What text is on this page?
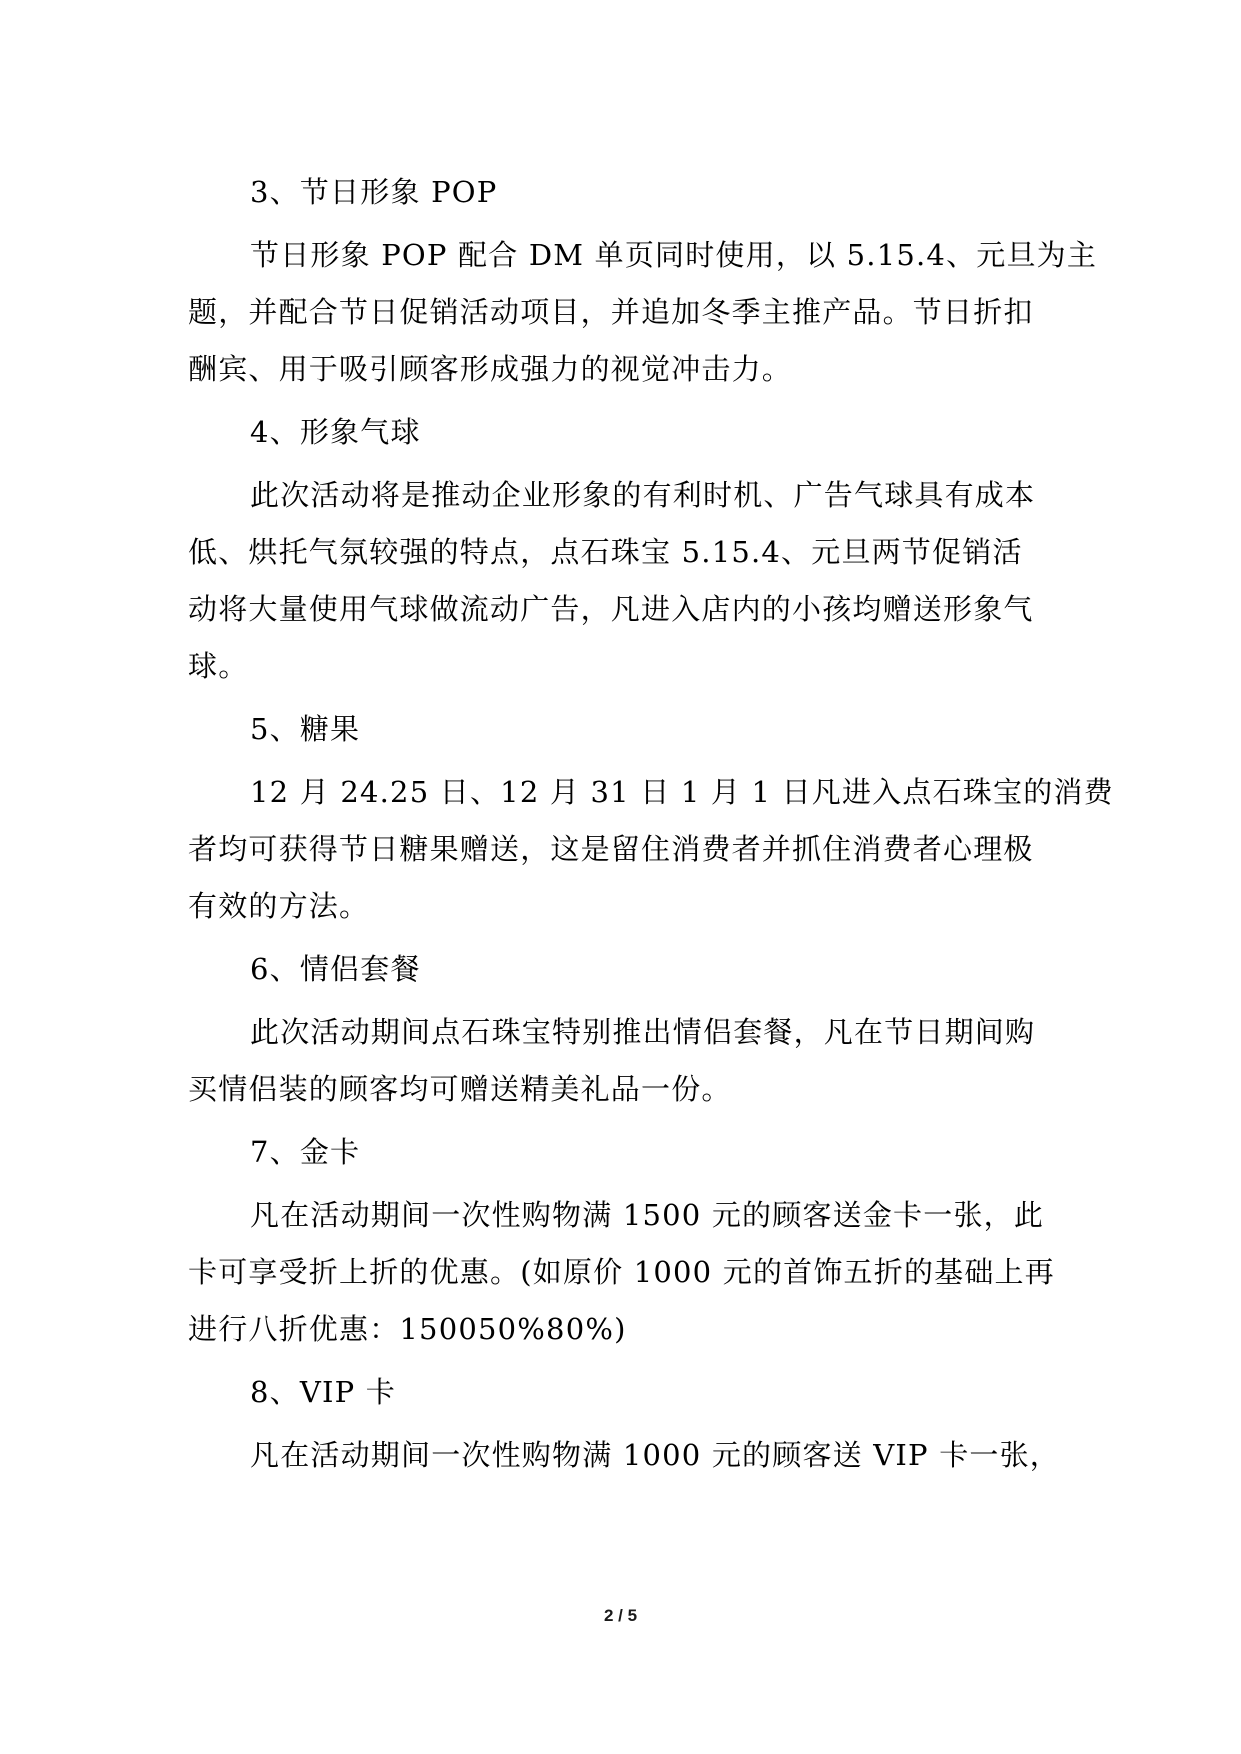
3、节日形象 POP
节日形象 POP 配合 DM 单页同时使用，以 5.15.4、元旦为主
题，并配合节日促销活动项目，并追加冬季主推产品。节日折扣
酬宾、用于吸引顾客形成强力的视觉冲击力。
4、形象气球
此次活动将是推动企业形象的有利时机、广告气球具有成本
低、烘托气氛较强的特点，点石珠宝 5.15.4、元旦两节促销活
动将大量使用气球做流动广告，凡进入店内的小孩均赠送形象气
球。
5、糖果
12 月 24.25 日、12 月 31 日 1 月 1 日凡进入点石珠宝的消费
者均可获得节日糖果赠送，这是留住消费者并抓住消费者心理极
有效的方法。
6、情侣套餐
此次活动期间点石珠宝特别推出情侣套餐，凡在节日期间购
买情侣装的顾客均可赠送精美礼品一份。
7、金卡
凡在活动期间一次性购物满 1500 元的顾客送金卡一张，此
卡可享受折上折的优惠。(如原价 1000 元的首饰五折的基础上再
进行八折优惠：150050%80%)
8、VIP 卡
凡在活动期间一次性购物满 1000 元的顾客送 VIP 卡一张，
2 / 5
